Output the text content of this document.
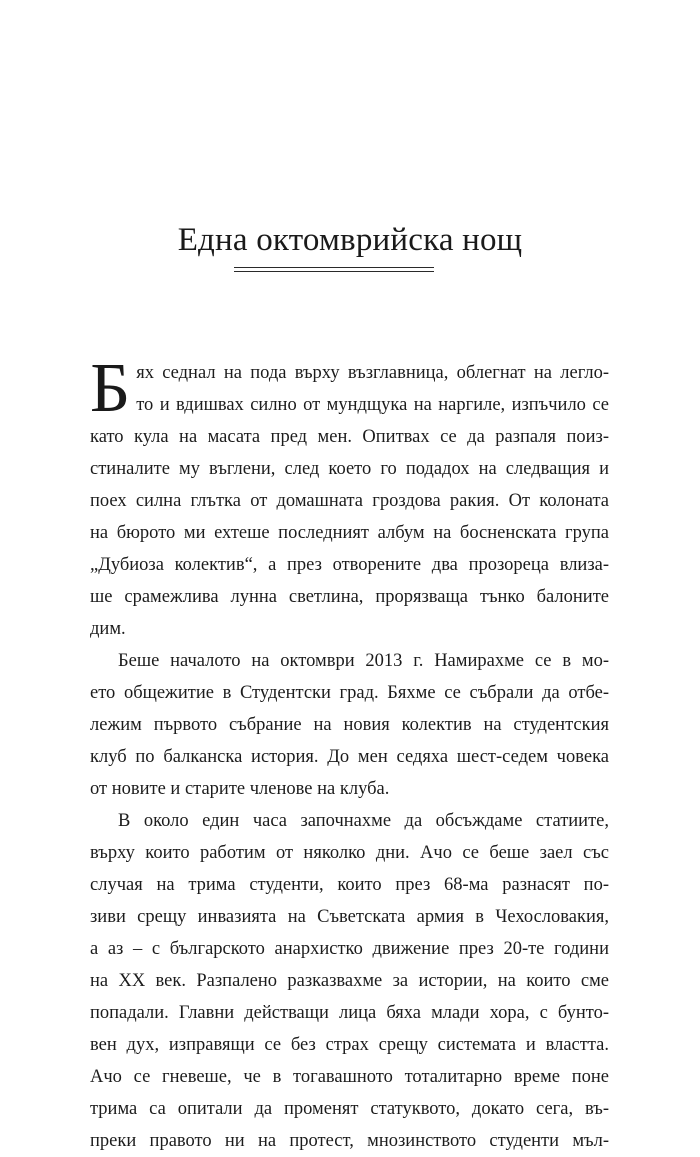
Една октомврийска нощ
Б ях седнал на пода върху възглавница, облегнат на легло-
то и вдишвах силно от мундщука на наргиле, изпъчило се
като кула на масата пред мен. Опитвах се да разпаля поиз-
стиналите му въглени, след което го подадох на следващия и
поех силна глътка от домашната гроздова ракия. От колоната
на бюрото ми ехтеше последният албум на босненската група
„Дубиоза колектив“, а през отворените два прозореца влиза-
ше срамежлива лунна светлина, прорязваща тънко балоните
дим.
Беше началото на октомври 2013 г. Намирахме се в мо-
ето общежитие в Студентски град. Бяхме се събрали да отбе-
лежим първото събрание на новия колектив на студентския
клуб по балканска история. До мен седяха шест-седем човека
от новите и старите членове на клуба.
В около един часа започнахме да обсъждаме статиите,
върху които работим от няколко дни. Ачо се беше заел със
случая на трима студенти, които през 68-ма разнасят по-
зиви срещу инвазията на Съветската армия в Чехословакия,
а аз – с българското анархистко движение през 20-те години
на XX век. Разпалено разказвахме за истории, на които сме
попадали. Главни действащи лица бяха млади хора, с бунто-
вен дух, изправящи се без страх срещу системата и властта.
Ачо се гневеше, че в тогавашното тоталитарно време поне
трима са опитали да променят статуквото, докато сега, въ-
преки правото ни на протест, мнозинството студенти мъл-
